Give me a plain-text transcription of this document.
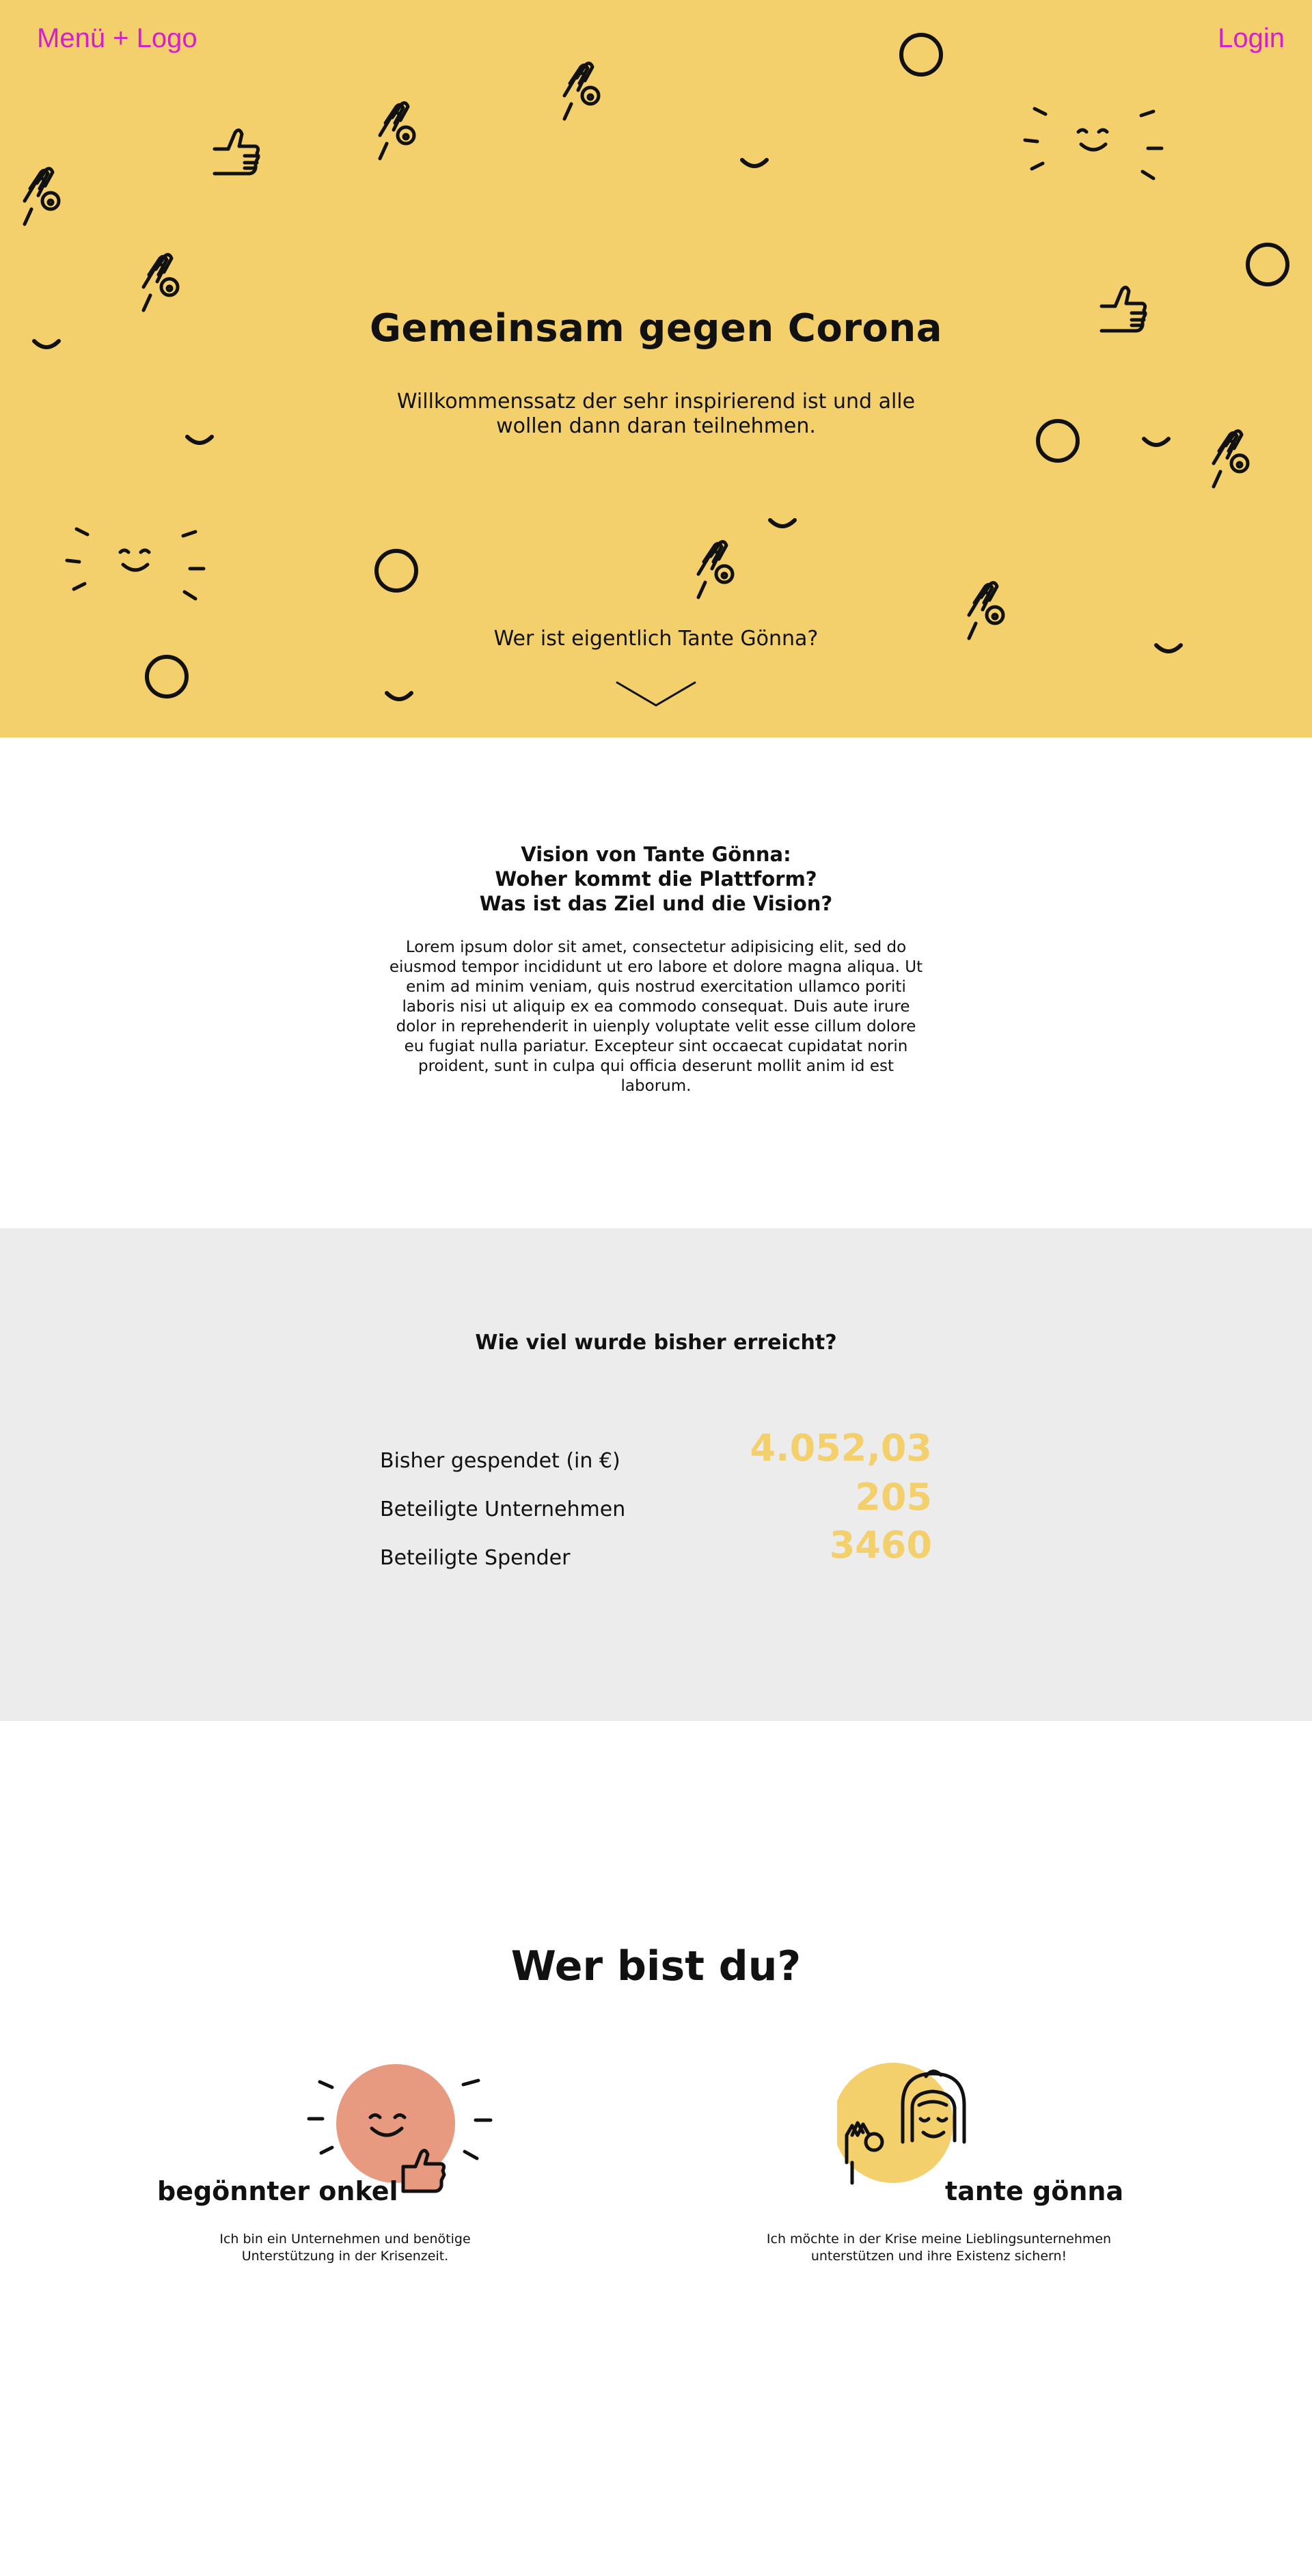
Menü + Logo	Login
Gemeinsam gegen Corona

Willkommenssatz der sehr inspirierend ist und alle wollen dann daran teilnehmen.

Wer ist eigentlich Tante Gönna?
Vision von Tante Gönna:
Woher kommt die Plattform?
Was ist das Ziel und die Vision?

Lorem ipsum dolor sit amet, consectetur adipisicing elit, sed do eiusmod tempor incididunt ut ero labore et dolore magna aliqua. Ut enim ad minim veniam, quis nostrud exercitation ullamco poriti laboris nisi ut aliquip ex ea commodo consequat. Duis aute irure dolor in reprehenderit in uienply voluptate velit esse cillum dolore eu fugiat nulla pariatur. Excepteur sint occaecat cupidatat norin proident, sunt in culpa qui officia deserunt mollit anim id est laborum.

Wie viel wurde bisher erreicht?
Bisher gespendet (in €)	4.052,03
Beteiligte Unternehmen	205
Beteiligte Spender	3460
Wer bist du?
begönnter onkel
Ich bin ein Unternehmen und benötige Unterstützung in der Krisenzeit.
tante gönna
Ich möchte in der Krise meine Lieblingsunternehmen unterstützen und ihre Existenz sichern!
